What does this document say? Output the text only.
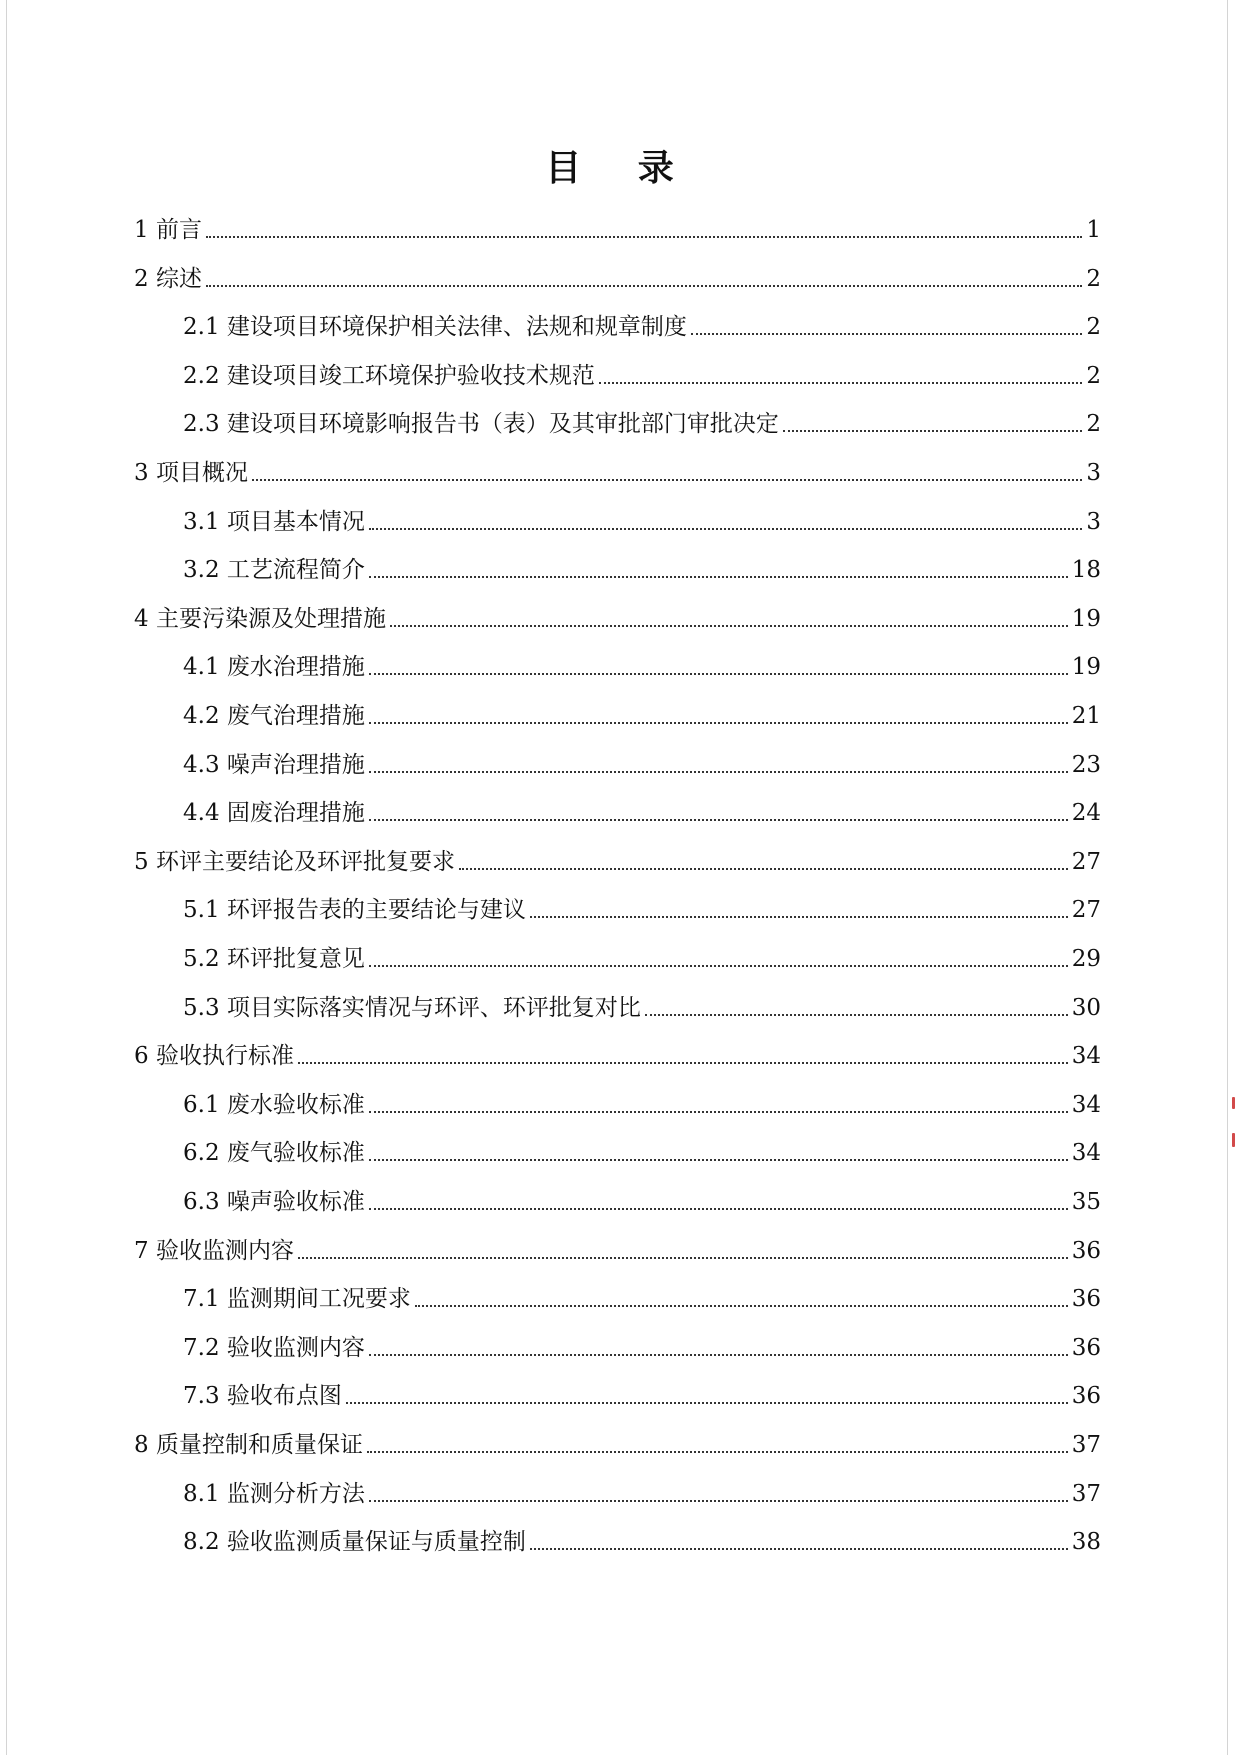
目 录
1 前言	1
2 综述	2
2.1 建设项目环境保护相关法律、法规和规章制度	2
2.2 建设项目竣工环境保护验收技术规范	2
2.3 建设项目环境影响报告书（表）及其审批部门审批决定	2
3 项目概况	3
3.1 项目基本情况	3
3.2 工艺流程简介	18
4 主要污染源及处理措施	19
4.1 废水治理措施	19
4.2 废气治理措施	21
4.3 噪声治理措施	23
4.4 固废治理措施	24
5 环评主要结论及环评批复要求	27
5.1 环评报告表的主要结论与建议	27
5.2 环评批复意见	29
5.3 项目实际落实情况与环评、环评批复对比	30
6 验收执行标准	34
6.1 废水验收标准	34
6.2 废气验收标准	34
6.3 噪声验收标准	35
7 验收监测内容	36
7.1 监测期间工况要求	36
7.2 验收监测内容	36
7.3 验收布点图	36
8 质量控制和质量保证	37
8.1 监测分析方法	37
8.2 验收监测质量保证与质量控制	38
